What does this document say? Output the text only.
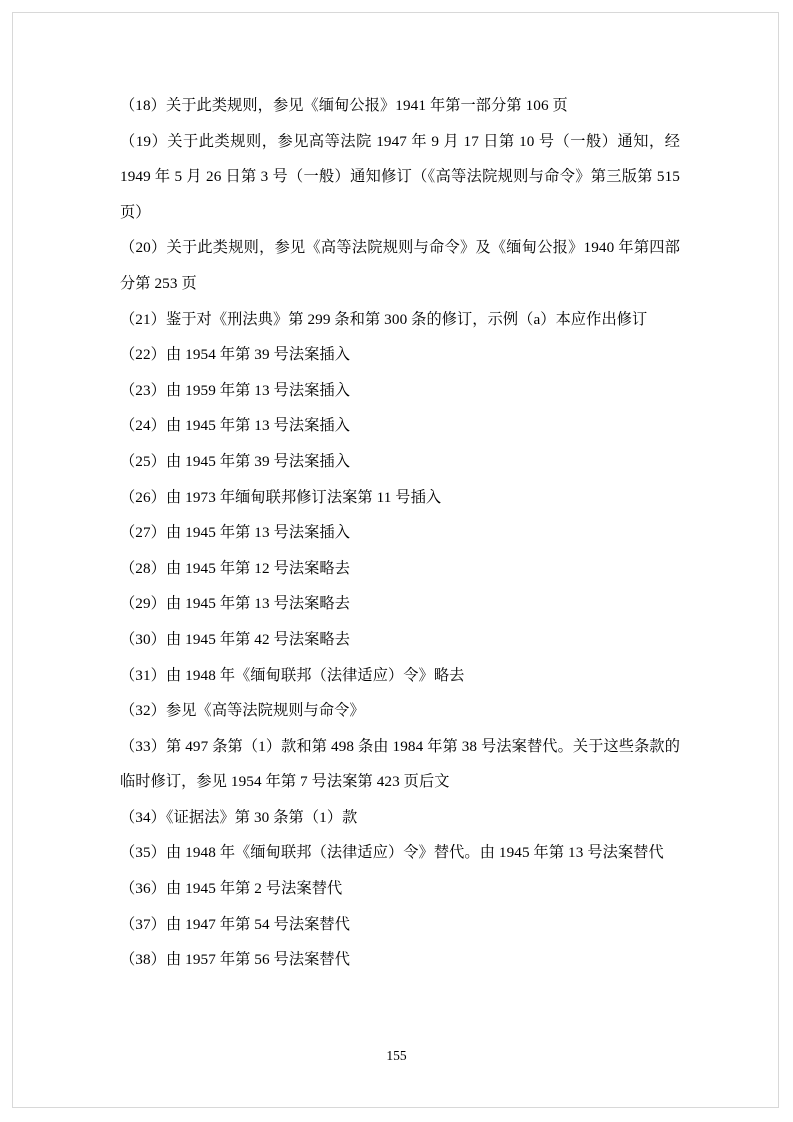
（18）关于此类规则，参见《缅甸公报》1941 年第一部分第 106 页

（19）关于此类规则，参见高等法院 1947 年 9 月 17 日第 10 号（一般）通知，经 1949 年 5 月 26 日第 3 号（一般）通知修订（《高等法院规则与命令》第三版第 515 页）

（20）关于此类规则，参见《高等法院规则与命令》及《缅甸公报》1940 年第四部分第 253 页

（21）鉴于对《刑法典》第 299 条和第 300 条的修订，示例（a）本应作出修订

（22）由 1954 年第 39 号法案插入

（23）由 1959 年第 13 号法案插入

（24）由 1945 年第 13 号法案插入

（25）由 1945 年第 39 号法案插入

（26）由 1973 年缅甸联邦修订法案第 11 号插入

（27）由 1945 年第 13 号法案插入

（28）由 1945 年第 12 号法案略去

（29）由 1945 年第 13 号法案略去

（30）由 1945 年第 42 号法案略去

（31）由 1948 年《缅甸联邦（法律适应）令》略去

（32）参见《高等法院规则与命令》

（33）第 497 条第（1）款和第 498 条由 1984 年第 38 号法案替代。关于这些条款的临时修订，参见 1954 年第 7 号法案第 423 页后文

（34）《证据法》第 30 条第（1）款

（35）由 1948 年《缅甸联邦（法律适应）令》替代。由 1945 年第 13 号法案替代

（36）由 1945 年第 2 号法案替代

（37）由 1947 年第 54 号法案替代

（38）由 1957 年第 56 号法案替代

155
